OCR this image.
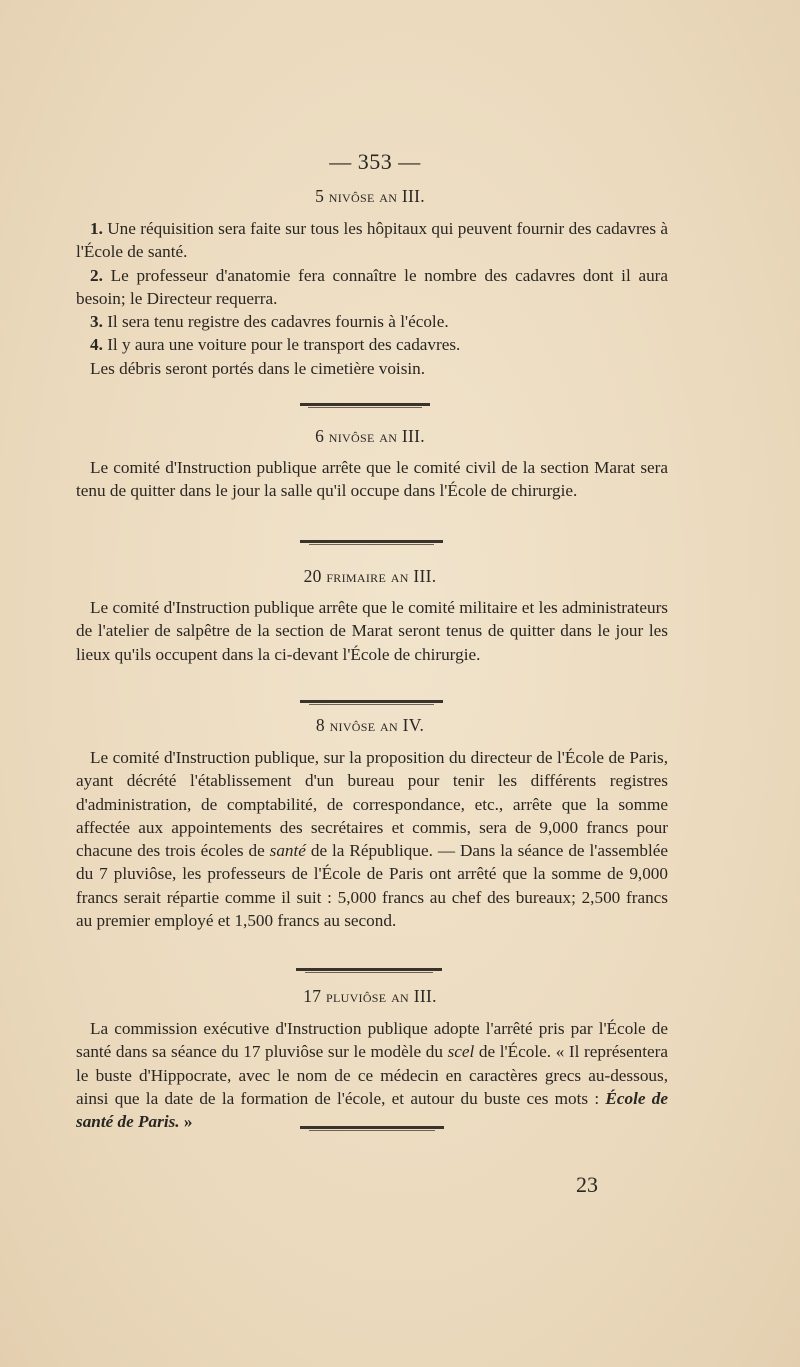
— 353 —
5 nivôse an III.

1. Une réquisition sera faite sur tous les hôpitaux qui peuvent fournir des cadavres à l'École de santé.

2. Le professeur d'anatomie fera connaître le nombre des cadavres dont il aura besoin; le Directeur requerra.

3. Il sera tenu registre des cadavres fournis à l'école.

4. Il y aura une voiture pour le transport des cadavres.

Les débris seront portés dans le cimetière voisin.

6 nivôse an III.

Le comité d'Instruction publique arrête que le comité civil de la section Marat sera tenu de quitter dans le jour la salle qu'il occupe dans l'École de chirurgie.

20 frimaire an III.

Le comité d'Instruction publique arrête que le comité militaire et les administrateurs de l'atelier de salpêtre de la section de Marat seront tenus de quitter dans le jour les lieux qu'ils occupent dans la ci-devant l'École de chirurgie.

8 nivôse an IV.

Le comité d'Instruction publique, sur la proposition du directeur de l'École de Paris, ayant décrété l'établissement d'un bureau pour tenir les différents registres d'administration, de comptabilité, de correspondance, etc., arrête que la somme affectée aux appointements des secrétaires et commis, sera de 9,000 francs pour chacune des trois écoles de santé de la République. — Dans la séance de l'assemblée du 7 pluviôse, les professeurs de l'École de Paris ont arrêté que la somme de 9,000 francs serait répartie comme il suit : 5,000 francs au chef des bureaux; 2,500 francs au premier employé et 1,500 francs au second.

17 pluviôse an III.

La commission exécutive d'Instruction publique adopte l'arrêté pris par l'École de santé dans sa séance du 17 pluviôse sur le modèle du scel de l'École. « Il représentera le buste d'Hippocrate, avec le nom de ce médecin en caractères grecs au-dessous, ainsi que la date de la formation de l'école, et autour du buste ces mots : École de santé de Paris. »

23
